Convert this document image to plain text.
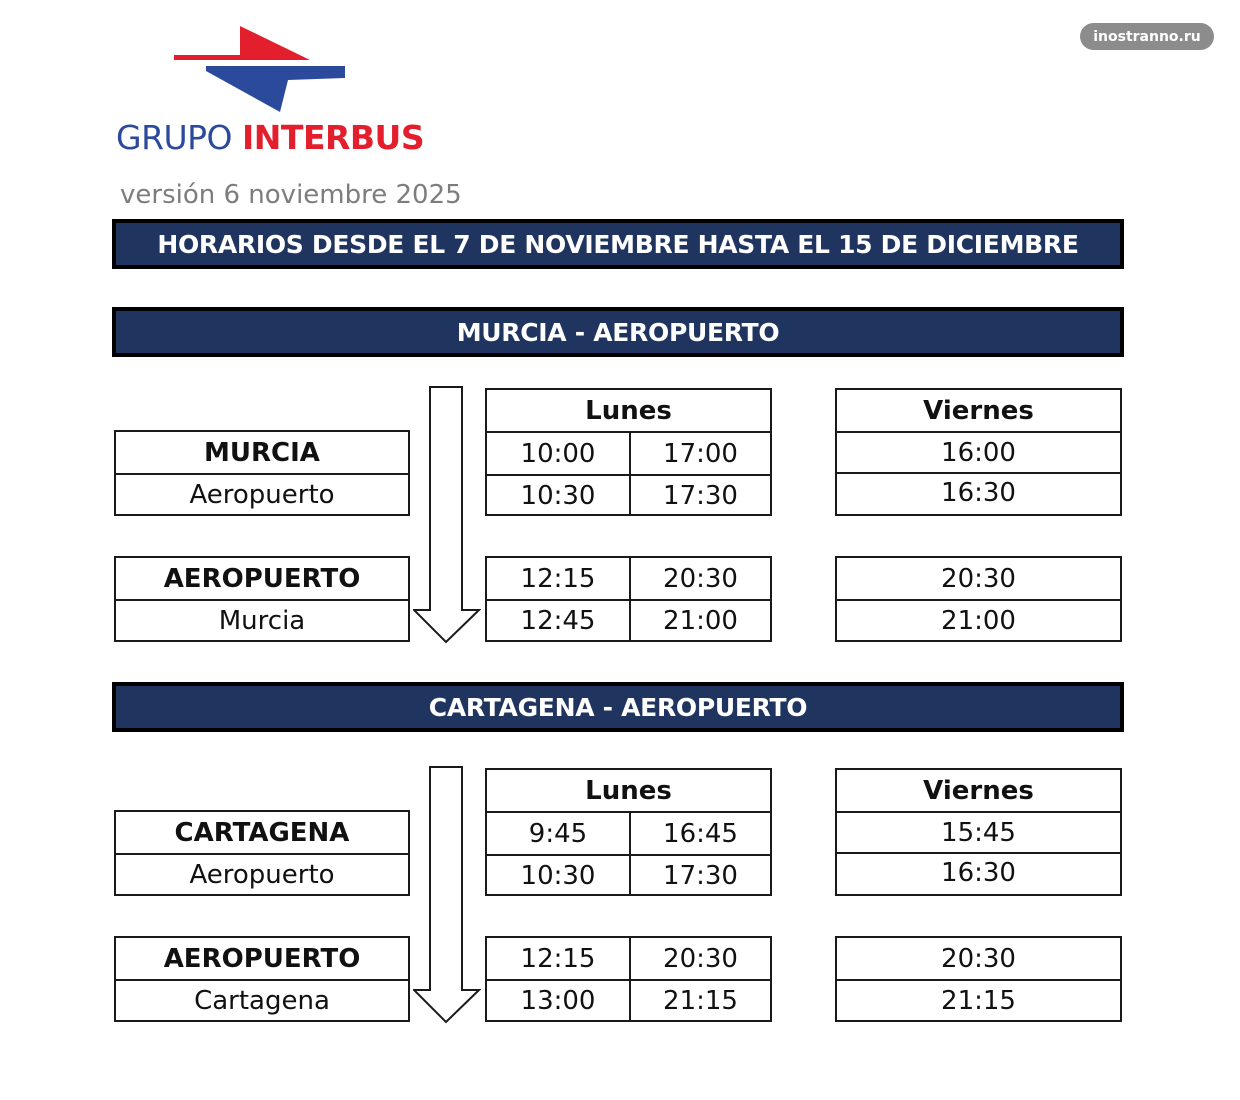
GRUPO INTERBUS
inostranno.ru
versión 6 noviembre 2025
HORARIOS DESDE EL 7 DE NOVIEMBRE HASTA EL 15 DE DICIEMBRE
MURCIA - AEROPUERTO
MURCIA
Aeropuerto
Lunes
10:00	17:00
10:30	17:30
Viernes
16:00
16:30
AEROPUERTO
Murcia
12:15	20:30
12:45	21:00
20:30
21:00
CARTAGENA - AEROPUERTO
CARTAGENA
Aeropuerto
Lunes
9:45	16:45
10:30	17:30
Viernes
15:45
16:30
AEROPUERTO
Cartagena
12:15	20:30
13:00	21:15
20:30
21:15
